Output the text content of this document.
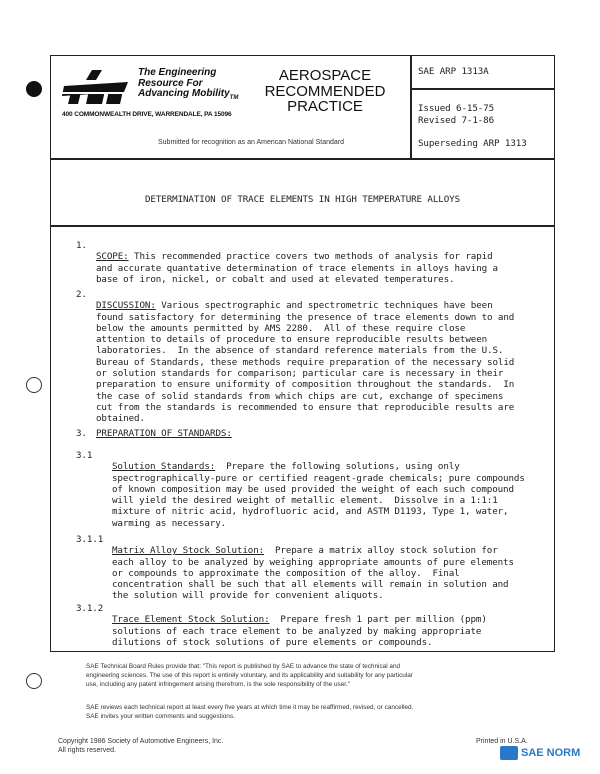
The Engineering
Resource For
Advancing Mobility$_{TM}$
400 COMMONWEALTH DRIVE, WARRENDALE, PA 15096
AEROSPACE
RECOMMENDED
PRACTICE
Submitted for recognition as an American National Standard
SAE ARP 1313A
Issued 6-15-75
Revised 7-1-86
Superseding ARP 1313
DETERMINATION OF TRACE ELEMENTS IN HIGH TEMPERATURE ALLOYS
1.

SCOPE: This recommended practice covers two methods of analysis for rapid
and accurate quantative determination of trace elements in alloys having a
base of iron, nickel, or cobalt and used at elevated temperatures.

2.

DISCUSSION: Various spectrographic and spectrometric techniques have been
found satisfactory for determining the presence of trace elements down to and
below the amounts permitted by AMS 2280.  All of these require close
attention to details of procedure to ensure reproducible results between
laboratories.  In the absence of standard reference materials from the U.S.
Bureau of Standards, these methods require preparation of the necessary solid
or solution standards for comparison; particular care is necessary in their
preparation to ensure uniformity of composition throughout the standards.  In
the case of solid standards from which chips are cut, exchange of specimens
cut from the standards is recommended to ensure that reproducible results are
obtained.

3. PREPARATION OF STANDARDS:
3.1

Solution Standards: Prepare the following solutions, using only
spectrographically-pure or certified reagent-grade chemicals; pure compounds
of known composition may be used provided the weight of each such compound
will yield the desired weight of metallic element.  Dissolve in a 1:1:1
mixture of nitric acid, hydrofluoric acid, and ASTM D1193, Type 1, water,
warming as necessary.

3.1.1

Matrix Alloy Stock Solution: Prepare a matrix alloy stock solution for
each alloy to be analyzed by weighing appropriate amounts of pure elements
or compounds to approximate the composition of the alloy.  Final
concentration shall be such that all elements will remain in solution and
the solution will provide for convenient aliquots.

3.1.2

Trace Element Stock Solution: Prepare fresh 1 part per million (ppm)
solutions of each trace element to be analyzed by making appropriate
dilutions of stock solutions of pure elements or compounds.

SAE Technical Board Rules provide that: "This report is published by SAE to advance the state of technical and
engineering sciences. The use of this report is entirely voluntary, and its applicability and suitability for any particular
use, including any patent infringement arising therefrom, is the sole responsibility of the user."
SAE reviews each technical report at least every five years at which time it may be reaffirmed, revised, or cancelled.
SAE invites your written comments and suggestions.
Copyright 1986 Society of Automotive Engineers, Inc.
All rights reserved.
Printed in U.S.A.
SAE NORM
